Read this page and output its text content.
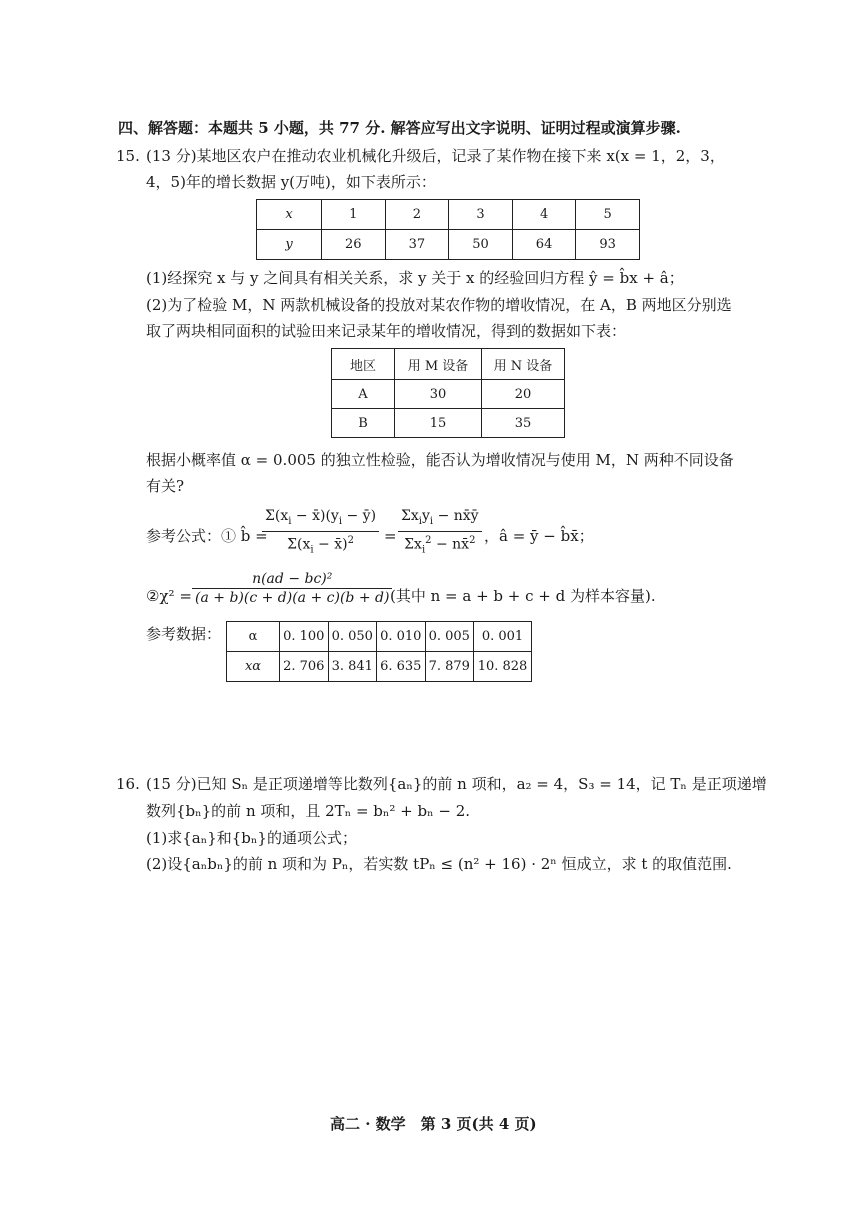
四、解答题：本题共 5 小题，共 77 分. 解答应写出文字说明、证明过程或演算步骤.
15. (13 分)某地区农户在推动农业机械化升级后，记录了某作物在接下来 x(x = 1，2，3，
4，5)年的增长数据 y(万吨)，如下表所示：
x	1	2	3	4	5
y	26	37	50	64	93
(1)经探究 x 与 y 之间具有相关关系，求 y 关于 x 的经验回归方程 ŷ = b̂x + â；
(2)为了检验 M，N 两款机械设备的投放对某农作物的增收情况，在 A，B 两地区分别选
取了两块相同面积的试验田来记录某年的增收情况，得到的数据如下表：
地区	用 M 设备	用 N 设备
A	30	20
B	15	35
根据小概率值 α = 0.005 的独立性检验，能否认为增收情况与使用 M，N 两种不同设备
有关?
参考公式：① b̂ =
$\frac{\Sigma(x_i - x̄)(y_i - ȳ)}{\Sigma(x_i - x̄)^2} = \frac{\Sigma x_iy_i - nx̄ȳ}{\Sigma x_i^2 - nx̄^2}$ ，â = ȳ − b̂x̄；
②χ² = $\frac{\text{n(ad − bc)²}}{(a + b)(c + d)(a + c)(b + d)}$
(其中 n = a + b + c + d 为样本容量).
参考数据： α	0. 100	0. 050	0. 010	0. 005	0. 001
xα	2. 706	3. 841	6. 635	7. 879	10. 828
16. (15 分)已知 Sₙ 是正项递增等比数列{aₙ}的前 n 项和，a₂ = 4，S₃ = 14，记 Tₙ 是正项递增
数列{bₙ}的前 n 项和，且 2Tₙ = bₙ² + bₙ − 2.
(1)求{aₙ}和{bₙ}的通项公式；
(2)设{aₙbₙ}的前 n 项和为 Pₙ，若实数 tPₙ ≤ (n² + 16) · 2ⁿ 恒成立，求 t 的取值范围.
高二 · 数学　第 3 页(共 4 页)
